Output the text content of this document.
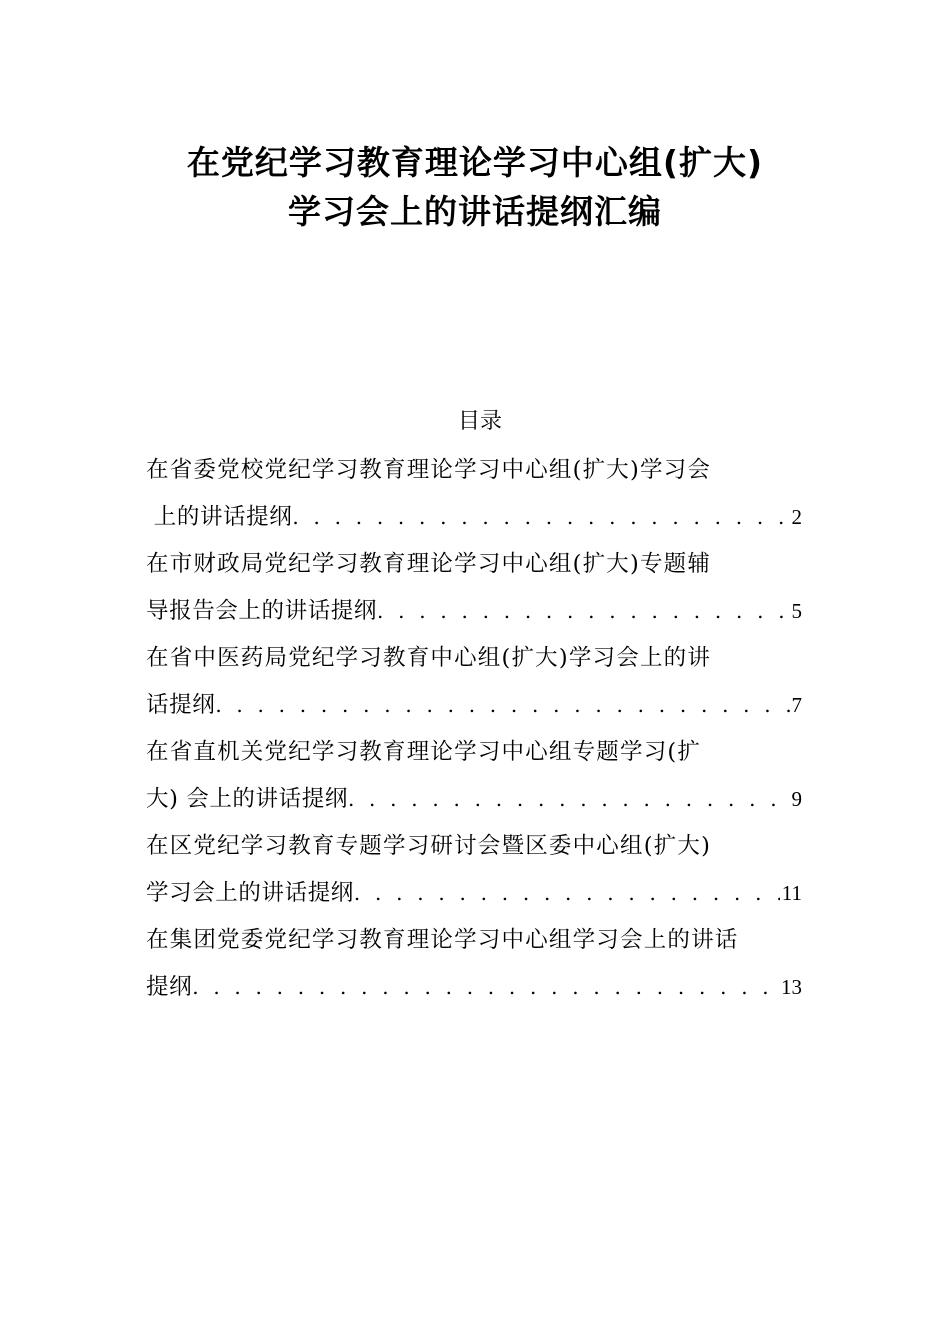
在党纪学习教育理论学习中心组(扩大)
学习会上的讲话提纲汇编
目录
在省委党校党纪学习教育理论学习中心组(扩大)学习会
上的讲话提纲 . . .	2
在市财政局党纪学习教育理论学习中心组(扩大)专题辅
导报告会上的讲话提纲 . . .	5
在省中医药局党纪学习教育中心组(扩大)学习会上的讲
话提纲 . . .	7
在省直机关党纪学习教育理论学习中心组专题学习(扩
大) 会上的讲话提纲 . . .	9
在区党纪学习教育专题学习研讨会暨区委中心组(扩大)
学习会上的讲话提纲 . . .	11
在集团党委党纪学习教育理论学习中心组学习会上的讲话
提纲 . . .	13
